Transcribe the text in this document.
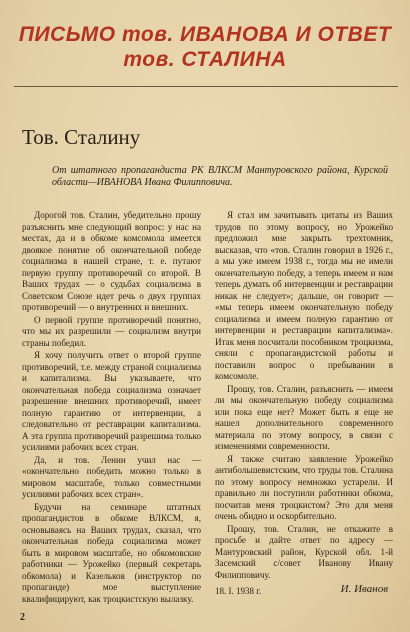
ПИСЬМО тов. ИВАНОВА И ОТВЕТ
тов. СТАЛИНА
Тов. Сталину
От штатного пропагандиста РК ВЛКСМ Мантуровского района, Курской области—ИВАНОВА Ивана Филипповича.

Дорогой тов. Сталин, убедительно прошу разъяснить мне следующий вопрос: у нас на местах, да и в обкоме комсомола имеется двоякое понятие об окончательной победе социализма в нашей стране, т. е. путают первую группу противоречий со второй. В Ваших трудах — о судьбах социализма в Советском Союзе идет речь о двух группах противоречий — о внутренних и внешних.

О первой группе противоречий понятно, что мы их разрешили — социализм внутри страны победил.

Я хочу получить ответ о второй группе противоречий, т.е. между страной социализма и капитализма. Вы указываете, что окончательная победа социализма означает разрешение внешних противоречий, имеет полную гарантию от интервенции, а следовательно от реставрации капитализма. А эта группа противоречий разрешима только усилиями рабочих всех стран.

Да, и тов. Ленин учил нас — «окончательно победить можно только в мировом масштабе, только совместными усилиями рабочих всех стран».

Будучи на семинаре штатных пропагандистов в обкоме ВЛКСМ, я, основываясь на Ваших трудах, сказал, что окончательная победа социализма может быть в мировом масштабе, но обкомовские работники — Урожейко (первый секретарь обкомола) и Казельков (инструктор по пропаганде) мое выступление квалифицируют, как троцкистскую вылазку.

Я стал им зачитывать цитаты из Ваших трудов по этому вопросу, но Урожейко предложил мне закрыть трехтомник, высказав, что «тов. Сталин говорил в 1926 г., а мы уже имеем 1938 г., тогда мы не имели окончательную победу, а теперь имеем и нам теперь думать об интервенции и реставрации никак не следует»; дальше, он говорит — «мы теперь имеем окончательную победу социализма и имеем полную гарантию от интервенции и реставрации капитализма». Итак меня посчитали пособником троцкизма, сняли с пропагандистской работы и поставили вопрос о пребывании в комсомоле.

Прошу, тов. Сталин, разъяснить — имеем ли мы окончательную победу социализма или пока еще нет? Может быть я еще не нашел дополнительного современного материала по этому вопросу, в связи с изменениями современности.

Я также считаю заявление Урожейко антибольшевистским, что труды тов. Сталина по этому вопросу немножко устарели. И правильно ли поступили работники обкома, посчитав меня троцкистом? Это для меня очень обидно и оскорбительно.

Прошу, тов. Сталин, не откажите в просьбе и дайте ответ по адресу — Мантуровский район, Курской обл. 1-й Засемский с/совет Иванову Ивану Филипповичу.

18. I. 1938 г.	И. Иванов
2
